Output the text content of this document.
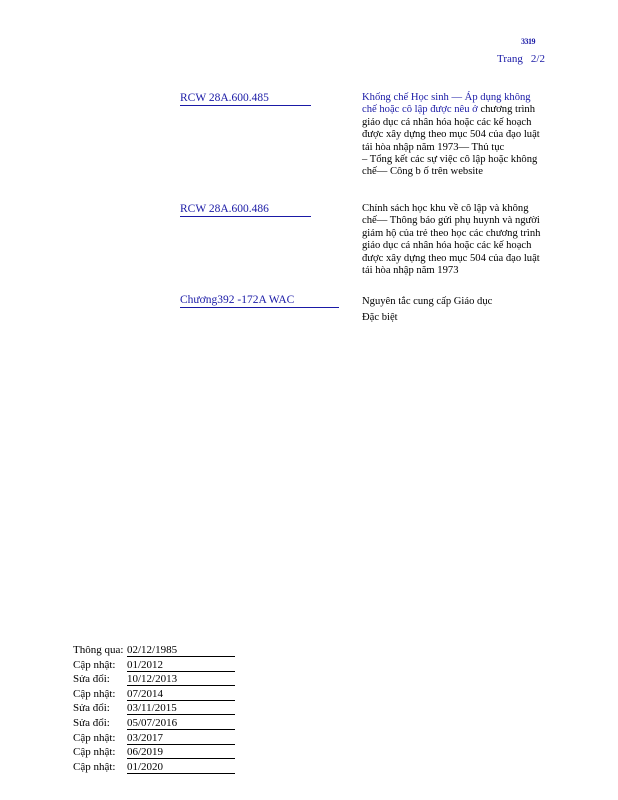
3319
Trang 2/2
RCW 28A.600.485	Khống chế Học sinh — Áp dụng không chế hoặc cô lập được nêu ở chương trình giáo dục cá nhân hóa hoặc các kế hoạch được xây dựng theo mục 504 của đạo luật tái hòa nhập năm 1973— Thủ tục
– Tổng kết các sự việc cô lập hoặc không chế— Công b ố trên website
RCW 28A.600.486	Chính sách học khu về cô lập và không chế— Thông báo gửi phụ huynh và người giám hộ của trẻ theo học các chương trình giáo dục cá nhân hóa hoặc các kế hoạch được xây dựng theo mục 504 của đạo luật tái hòa nhập năm 1973
Chương392 -172A WAC	Nguyên tắc cung cấp Giáo dục
Đặc biệt
Thông qua: 02/12/1985
Cập nhật:	01/2012
Sửa đổi:	10/12/2013
Cập nhật:	07/2014
Sửa đổi:	03/11/2015
Sửa đổi:	05/07/2016
Cập nhật:	03/2017
Cập nhật:	06/2019
Cập nhật:	01/2020
